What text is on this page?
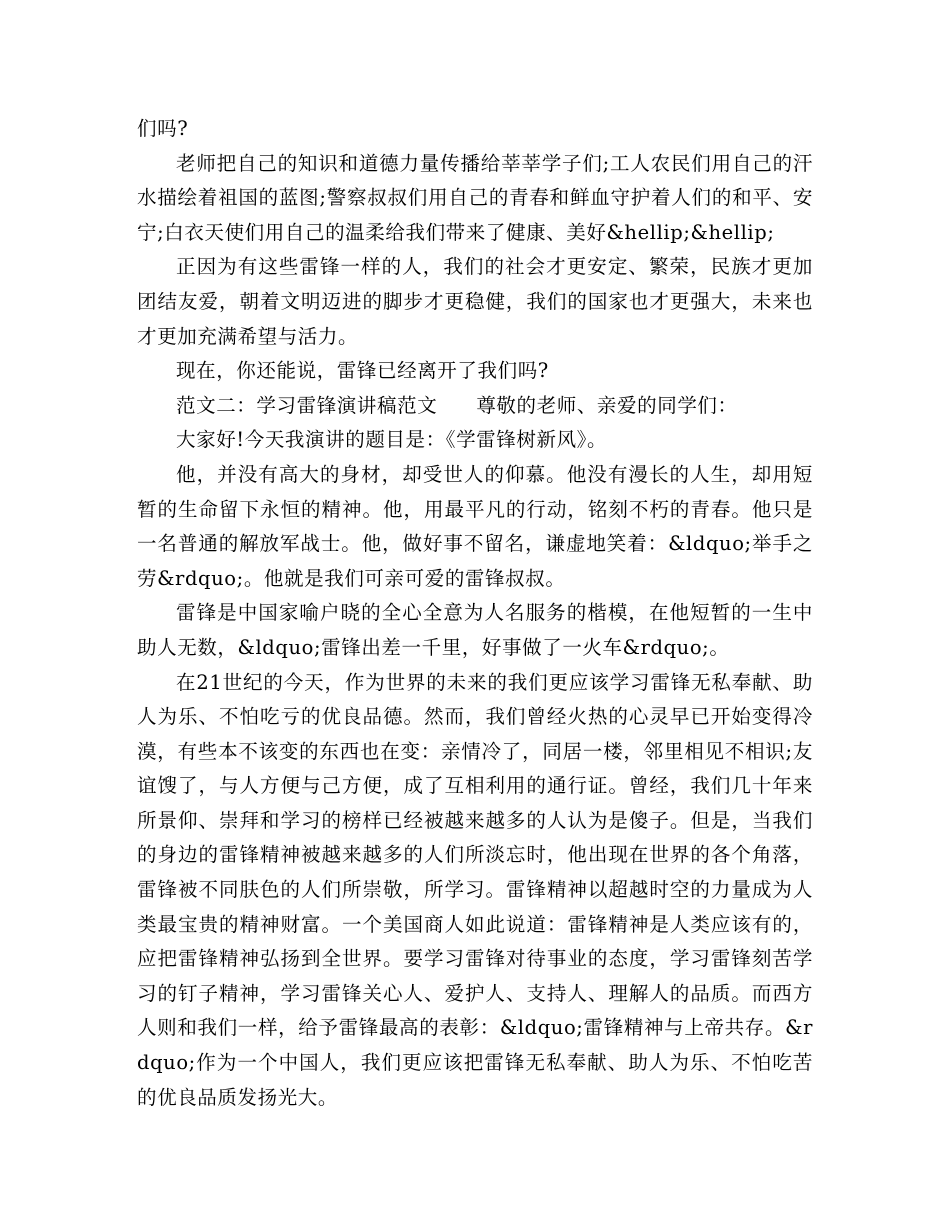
们吗?

老师把自己的知识和道德力量传播给莘莘学子们;工人农民们用自己的汗水描绘着祖国的蓝图;警察叔叔们用自己的青春和鲜血守护着人们的和平、安宁;白衣天使们用自己的温柔给我们带来了健康、美好&hellip;&hellip;

正因为有这些雷锋一样的人，我们的社会才更安定、繁荣，民族才更加团结友爱，朝着文明迈进的脚步才更稳健，我们的国家也才更强大，未来也才更加充满希望与活力。

现在，你还能说，雷锋已经离开了我们吗?

范文二：学习雷锋演讲稿范文 尊敬的老师、亲爱的同学们：

大家好!今天我演讲的题目是：《学雷锋树新风》。

他，并没有高大的身材，却受世人的仰慕。他没有漫长的人生，却用短暂的生命留下永恒的精神。他，用最平凡的行动，铭刻不朽的青春。他只是一名普通的解放军战士。他，做好事不留名，谦虚地笑着：&ldquo;举手之劳&rdquo;。他就是我们可亲可爱的雷锋叔叔。

雷锋是中国家喻户晓的全心全意为人名服务的楷模，在他短暂的一生中助人无数，&ldquo;雷锋出差一千里，好事做了一火车&rdquo;。

在21世纪的今天，作为世界的未来的我们更应该学习雷锋无私奉献、助人为乐、不怕吃亏的优良品德。然而，我们曾经火热的心灵早已开始变得冷漠，有些本不该变的东西也在变：亲情冷了，同居一楼，邻里相见不相识;友谊馊了，与人方便与己方便，成了互相利用的通行证。曾经，我们几十年来所景仰、崇拜和学习的榜样已经被越来越多的人认为是傻子。但是，当我们的身边的雷锋精神被越来越多的人们所淡忘时，他出现在世界的各个角落，雷锋被不同肤色的人们所崇敬，所学习。雷锋精神以超越时空的力量成为人类最宝贵的精神财富。一个美国商人如此说道：雷锋精神是人类应该有的，应把雷锋精神弘扬到全世界。要学习雷锋对待事业的态度，学习雷锋刻苦学习的钉子精神，学习雷锋关心人、爱护人、支持人、理解人的品质。而西方人则和我们一样，给予雷锋最高的表彰：&ldquo;雷锋精神与上帝共存。&rdquo;作为一个中国人，我们更应该把雷锋无私奉献、助人为乐、不怕吃苦的优良品质发扬光大。
